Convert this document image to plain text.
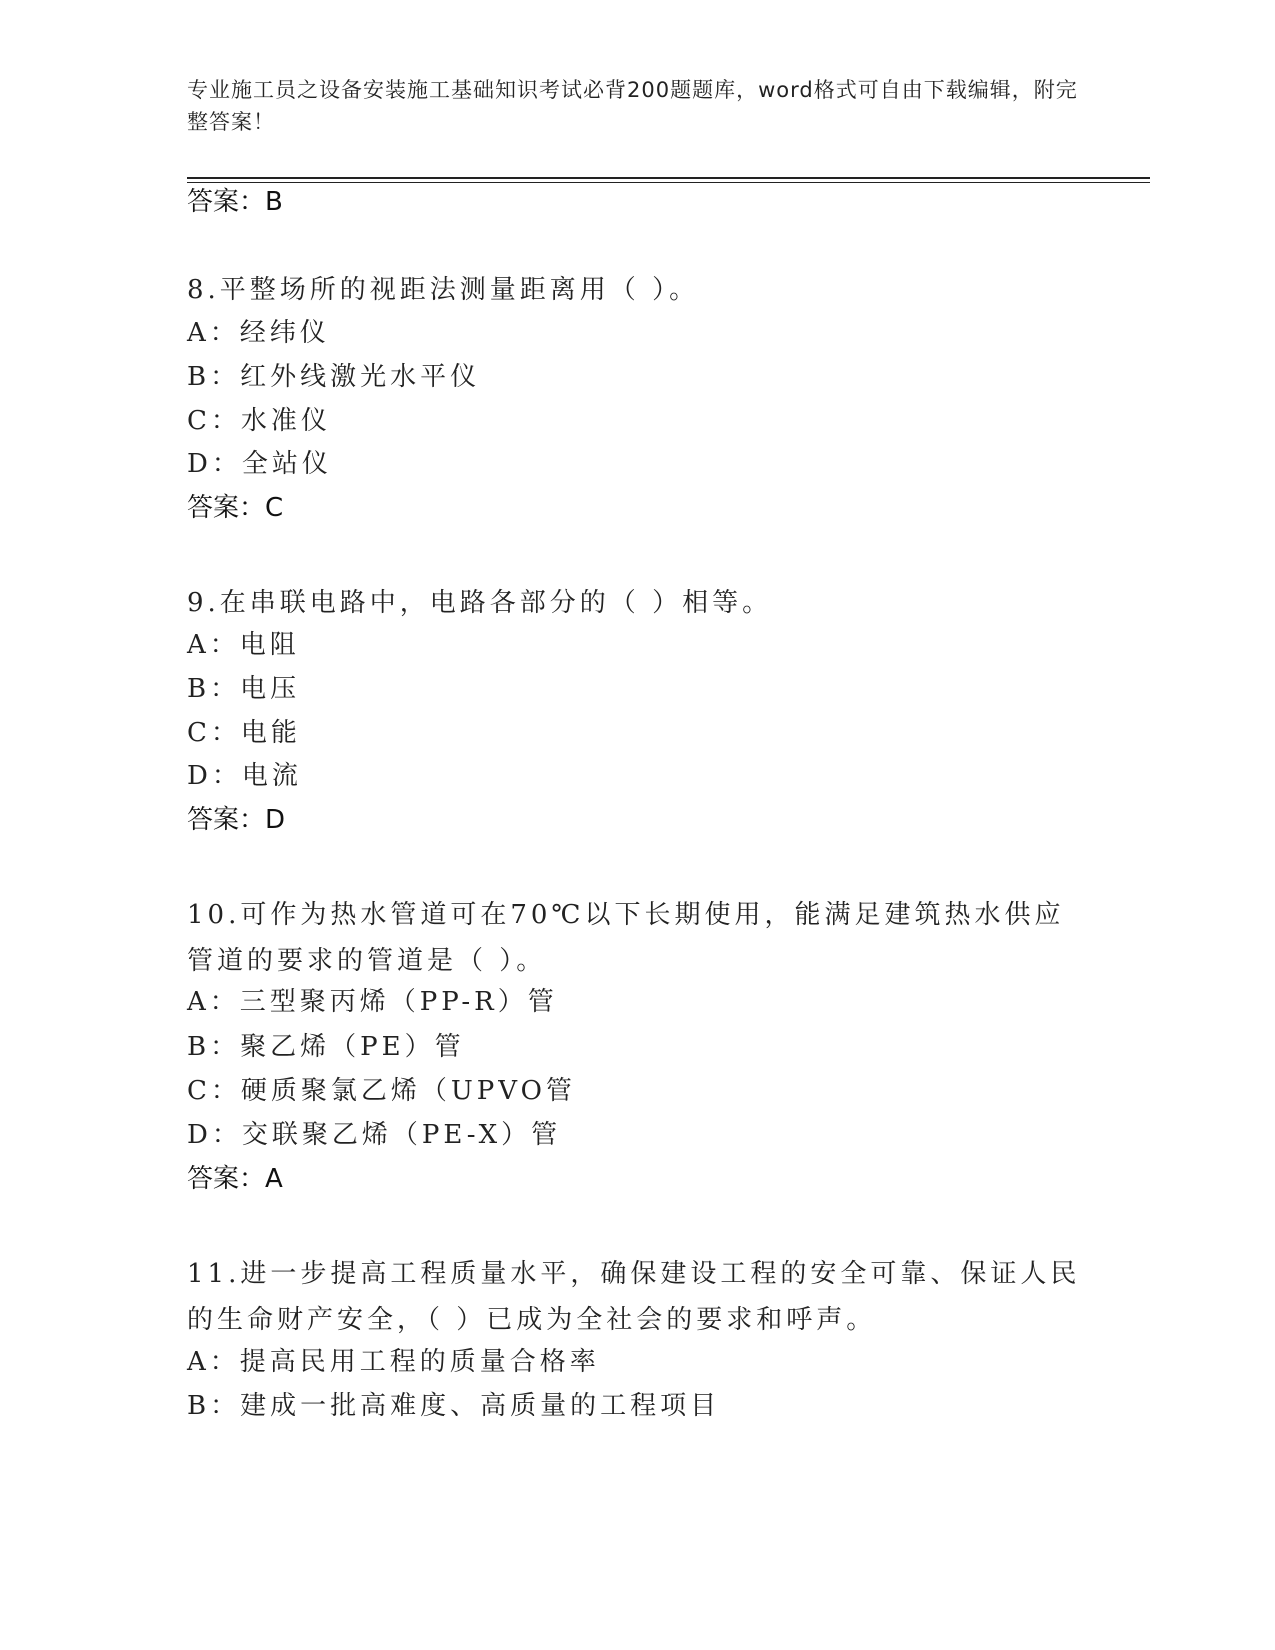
专业施工员之设备安装施工基础知识考试必背200题题库，word格式可自由下载编辑，附完整答案！
答案：B
8.平整场所的视距法测量距离用（ ）。
A：经纬仪
B：红外线激光水平仪
C：水准仪
D：全站仪
答案：C
9.在串联电路中，电路各部分的（ ）相等。
A：电阻
B：电压
C：电能
D：电流
答案：D
10.可作为热水管道可在70℃以下长期使用，能满足建筑热水供应管道的要求的管道是（ ）。
A：三型聚丙烯（PP-R）管
B：聚乙烯（PE）管
C：硬质聚氯乙烯（UPVO管
D：交联聚乙烯（PE-X）管
答案：A
11.进一步提高工程质量水平，确保建设工程的安全可靠、保证人民的生命财产安全，（ ）已成为全社会的要求和呼声。
A：提高民用工程的质量合格率
B：建成一批高难度、高质量的工程项目
